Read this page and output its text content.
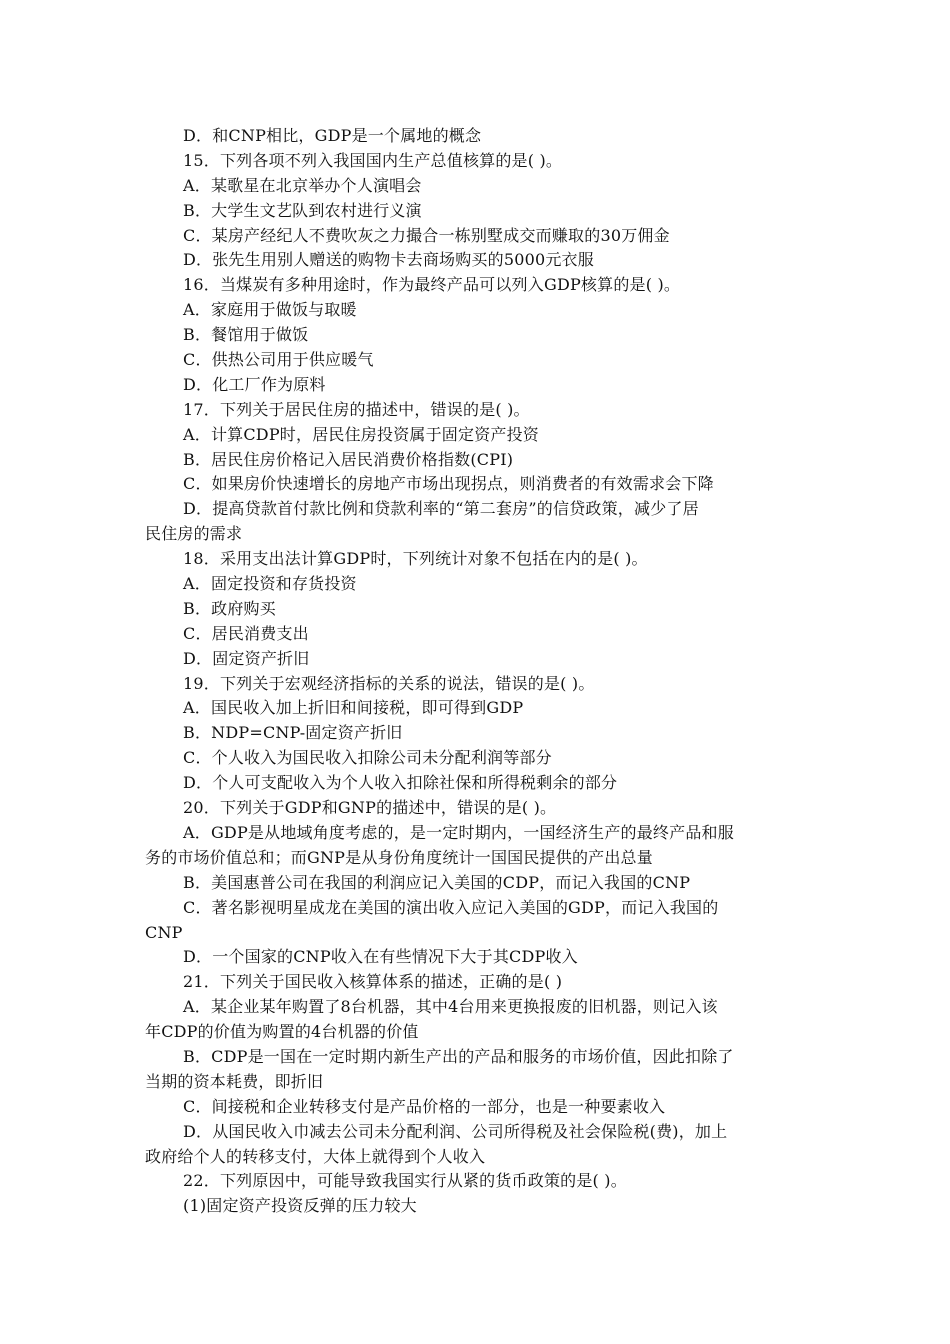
D．和CNP相比，GDP是一个属地的概念
15．下列各项不列入我国国内生产总值核算的是( )。
A．某歌星在北京举办个人演唱会
B．大学生文艺队到农村进行义演
C．某房产经纪人不费吹灰之力撮合一栋别墅成交而赚取的30万佣金
D．张先生用别人赠送的购物卡去商场购买的5000元衣服
16．当煤炭有多种用途时，作为最终产品可以列入GDP核算的是( )。
A．家庭用于做饭与取暖
B．餐馆用于做饭
C．供热公司用于供应暖气
D．化工厂作为原料
17．下列关于居民住房的描述中，错误的是( )。
A．计算CDP时，居民住房投资属于固定资产投资
B．居民住房价格记入居民消费价格指数(CPI)
C．如果房价快速增长的房地产市场出现拐点，则消费者的有效需求会下降
D．提高贷款首付款比例和贷款利率的“第二套房”的信贷政策，减少了居
民住房的需求
18．采用支出法计算GDP时，下列统计对象不包括在内的是( )。
A．固定投资和存货投资
B．政府购买
C．居民消费支出
D．固定资产折旧
19．下列关于宏观经济指标的关系的说法，错误的是( )。
A．国民收入加上折旧和间接税，即可得到GDP
B．NDP=CNP-固定资产折旧
C．个人收入为国民收入扣除公司未分配利润等部分
D．个人可支配收入为个人收入扣除社保和所得税剩余的部分
20．下列关于GDP和GNP的描述中，错误的是( )。
A．GDP是从地域角度考虑的，是一定时期内，一国经济生产的最终产品和服
务的市场价值总和；而GNP是从身份角度统计一国国民提供的产出总量
B．美国惠普公司在我国的利润应记入美国的CDP，而记入我国的CNP
C．著名影视明星成龙在美国的演出收入应记入美国的GDP，而记入我国的
CNP
D．一个国家的CNP收入在有些情况下大于其CDP收入
21．下列关于国民收入核算体系的描述，正确的是( )
A．某企业某年购置了8台机器，其中4台用来更换报废的旧机器，则记入该
年CDP的价值为购置的4台机器的价值
B．CDP是一国在一定时期内新生产出的产品和服务的市场价值，因此扣除了
当期的资本耗费，即折旧
C．间接税和企业转移支付是产品价格的一部分，也是一种要素收入
D．从国民收入巾减去公司未分配利润、公司所得税及社会保险税(费)，加上
政府给个人的转移支付，大体上就得到个人收入
22．下列原因中，可能导致我国实行从紧的货币政策的是( )。
(1)固定资产投资反弹的压力较大
